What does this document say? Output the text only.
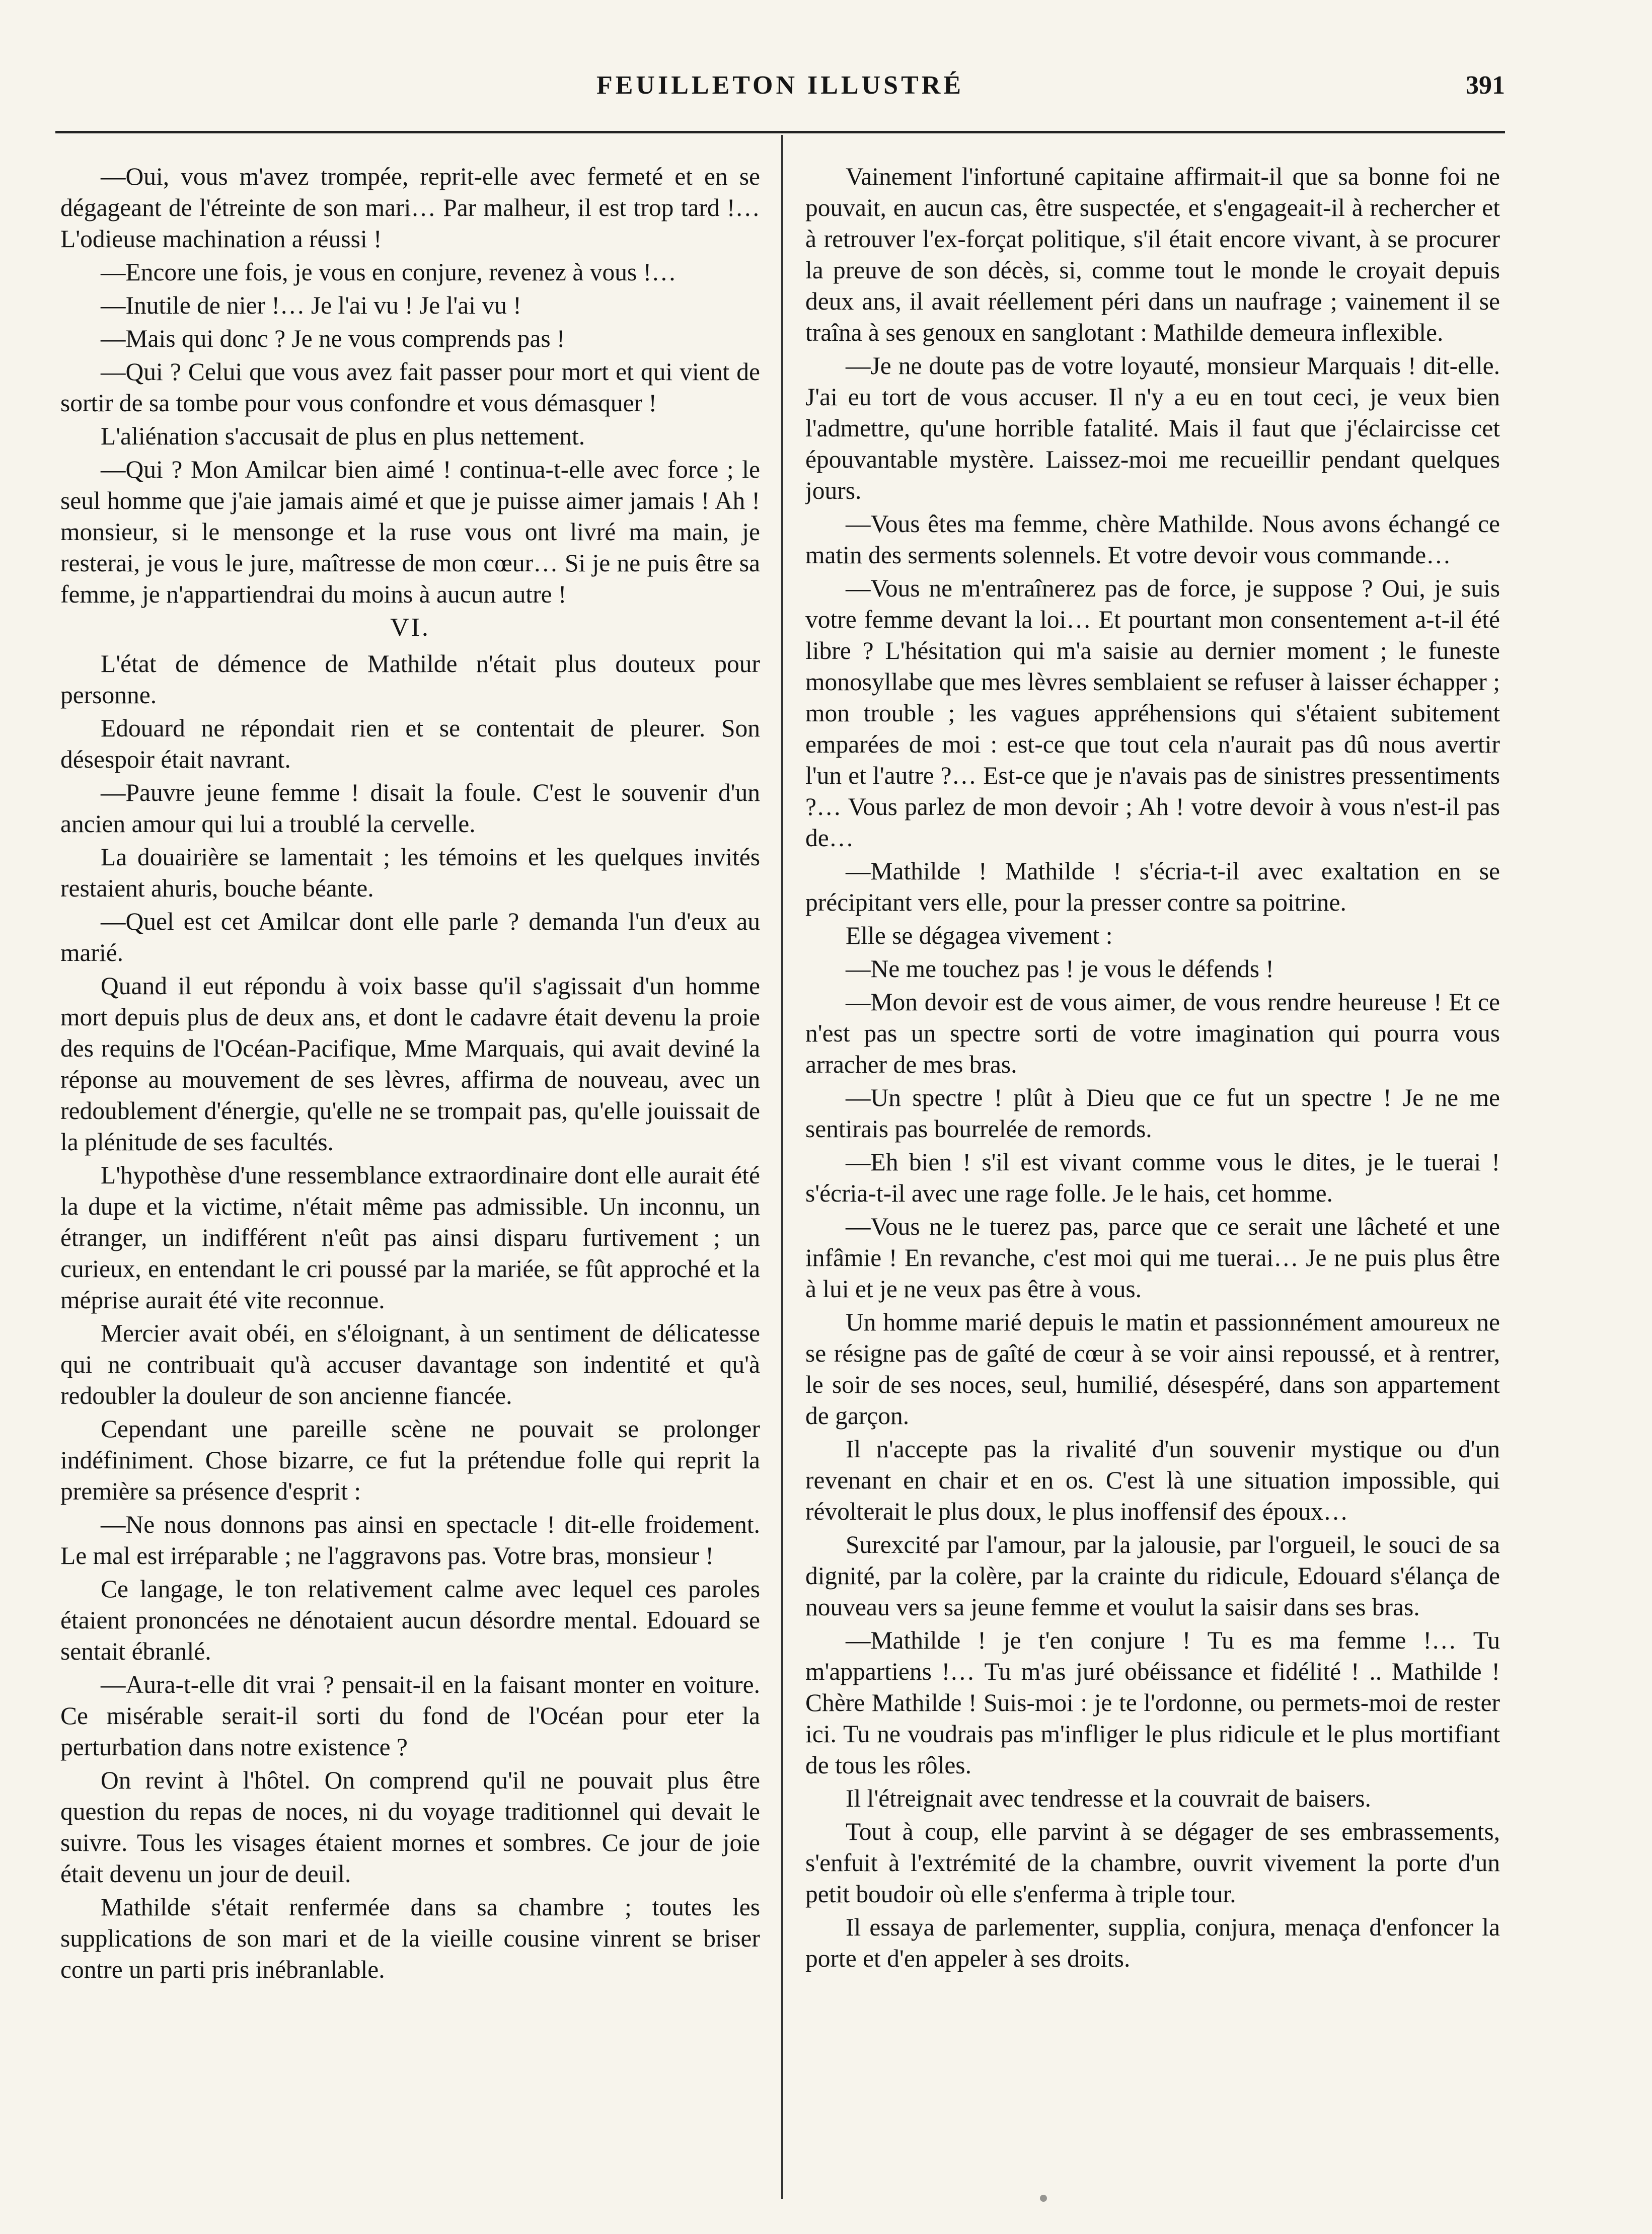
FEUILLETON ILLUSTRÉ	391

—Oui, vous m'avez trompée, reprit-elle avec fermeté et en se dégageant de l'étreinte de son mari… Par malheur, il est trop tard !… L'odieuse machination a réussi !

—Encore une fois, je vous en conjure, revenez à vous !…

—Inutile de nier !… Je l'ai vu ! Je l'ai vu !

—Mais qui donc ? Je ne vous comprends pas !

—Qui ? Celui que vous avez fait passer pour mort et qui vient de sortir de sa tombe pour vous confondre et vous démasquer !

L'aliénation s'accusait de plus en plus nettement.

—Qui ? Mon Amilcar bien aimé ! continua-t-elle avec force ; le seul homme que j'aie jamais aimé et que je puisse aimer jamais ! Ah ! monsieur, si le mensonge et la ruse vous ont livré ma main, je resterai, je vous le jure, maîtresse de mon cœur… Si je ne puis être sa femme, je n'appartiendrai du moins à aucun autre !

VI.

L'état de démence de Mathilde n'était plus douteux pour personne.

Edouard ne répondait rien et se contentait de pleurer. Son désespoir était navrant.

—Pauvre jeune femme ! disait la foule. C'est le souvenir d'un ancien amour qui lui a troublé la cervelle.

La douairière se lamentait ; les témoins et les quelques invités restaient ahuris, bouche béante.

—Quel est cet Amilcar dont elle parle ? demanda l'un d'eux au marié.

Quand il eut répondu à voix basse qu'il s'agissait d'un homme mort depuis plus de deux ans, et dont le cadavre était devenu la proie des requins de l'Océan-Pacifique, Mme Marquais, qui avait deviné la réponse au mouvement de ses lèvres, affirma de nouveau, avec un redoublement d'énergie, qu'elle ne se trompait pas, qu'elle jouissait de la plénitude de ses facultés.

L'hypothèse d'une ressemblance extraordinaire dont elle aurait été la dupe et la victime, n'était même pas admissible. Un inconnu, un étranger, un indifférent n'eût pas ainsi disparu furtivement ; un curieux, en entendant le cri poussé par la mariée, se fût approché et la méprise aurait été vite reconnue.

Mercier avait obéi, en s'éloignant, à un sentiment de délicatesse qui ne contribuait qu'à accuser davantage son indentité et qu'à redoubler la douleur de son ancienne fiancée.

Cependant une pareille scène ne pouvait se prolonger indéfiniment. Chose bizarre, ce fut la prétendue folle qui reprit la première sa présence d'esprit :

—Ne nous donnons pas ainsi en spectacle ! dit-elle froidement. Le mal est irréparable ; ne l'aggravons pas. Votre bras, monsieur !

Ce langage, le ton relativement calme avec lequel ces paroles étaient prononcées ne dénotaient aucun désordre mental. Edouard se sentait ébranlé.

—Aura-t-elle dit vrai ? pensait-il en la faisant monter en voiture. Ce misérable serait-il sorti du fond de l'Océan pour eter la perturbation dans notre existence ?

On revint à l'hôtel. On comprend qu'il ne pouvait plus être question du repas de noces, ni du voyage traditionnel qui devait le suivre. Tous les visages étaient mornes et sombres. Ce jour de joie était devenu un jour de deuil.

Mathilde s'était renfermée dans sa chambre ; toutes les supplications de son mari et de la vieille cousine vinrent se briser contre un parti pris inébranlable.

Vainement l'infortuné capitaine affirmait-il que sa bonne foi ne pouvait, en aucun cas, être suspectée, et s'engageait-il à rechercher et à retrouver l'ex-forçat politique, s'il était encore vivant, à se procurer la preuve de son décès, si, comme tout le monde le croyait depuis deux ans, il avait réellement péri dans un naufrage ; vainement il se traîna à ses genoux en sanglotant : Mathilde demeura inflexible.

—Je ne doute pas de votre loyauté, monsieur Marquais ! dit-elle. J'ai eu tort de vous accuser. Il n'y a eu en tout ceci, je veux bien l'admettre, qu'une horrible fatalité. Mais il faut que j'éclaircisse cet épouvantable mystère. Laissez-moi me recueillir pendant quelques jours.

—Vous êtes ma femme, chère Mathilde. Nous avons échangé ce matin des serments solennels. Et votre devoir vous commande…

—Vous ne m'entraînerez pas de force, je suppose ? Oui, je suis votre femme devant la loi… Et pourtant mon consentement a-t-il été libre ? L'hésitation qui m'a saisie au dernier moment ; le funeste monosyllabe que mes lèvres semblaient se refuser à laisser échapper ; mon trouble ; les vagues appréhensions qui s'étaient subitement emparées de moi : est-ce que tout cela n'aurait pas dû nous avertir l'un et l'autre ?… Est-ce que je n'avais pas de sinistres pressentiments ?… Vous parlez de mon devoir ; Ah ! votre devoir à vous n'est-il pas de…

—Mathilde ! Mathilde ! s'écria-t-il avec exaltation en se précipitant vers elle, pour la presser contre sa poitrine.

Elle se dégagea vivement :

—Ne me touchez pas ! je vous le défends !

—Mon devoir est de vous aimer, de vous rendre heureuse ! Et ce n'est pas un spectre sorti de votre imagination qui pourra vous arracher de mes bras.

—Un spectre ! plût à Dieu que ce fut un spectre ! Je ne me sentirais pas bourrelée de remords.

—Eh bien ! s'il est vivant comme vous le dites, je le tuerai ! s'écria-t-il avec une rage folle. Je le hais, cet homme.

—Vous ne le tuerez pas, parce que ce serait une lâcheté et une infâmie ! En revanche, c'est moi qui me tuerai… Je ne puis plus être à lui et je ne veux pas être à vous.

Un homme marié depuis le matin et passionnément amoureux ne se résigne pas de gaîté de cœur à se voir ainsi repoussé, et à rentrer, le soir de ses noces, seul, humilié, désespéré, dans son appartement de garçon.

Il n'accepte pas la rivalité d'un souvenir mystique ou d'un revenant en chair et en os. C'est là une situation impossible, qui révolterait le plus doux, le plus inoffensif des époux…

Surexcité par l'amour, par la jalousie, par l'orgueil, le souci de sa dignité, par la colère, par la crainte du ridicule, Edouard s'élança de nouveau vers sa jeune femme et voulut la saisir dans ses bras.

—Mathilde ! je t'en conjure ! Tu es ma femme !… Tu m'appartiens !… Tu m'as juré obéissance et fidélité ! .. Mathilde ! Chère Mathilde ! Suis-moi : je te l'ordonne, ou permets-moi de rester ici. Tu ne voudrais pas m'infliger le plus ridicule et le plus mortifiant de tous les rôles.

Il l'étreignait avec tendresse et la couvrait de baisers.

Tout à coup, elle parvint à se dégager de ses embrassements, s'enfuit à l'extrémité de la chambre, ouvrit vivement la porte d'un petit boudoir où elle s'enferma à triple tour.

Il essaya de parlementer, supplia, conjura, menaça d'enfoncer la porte et d'en appeler à ses droits.
